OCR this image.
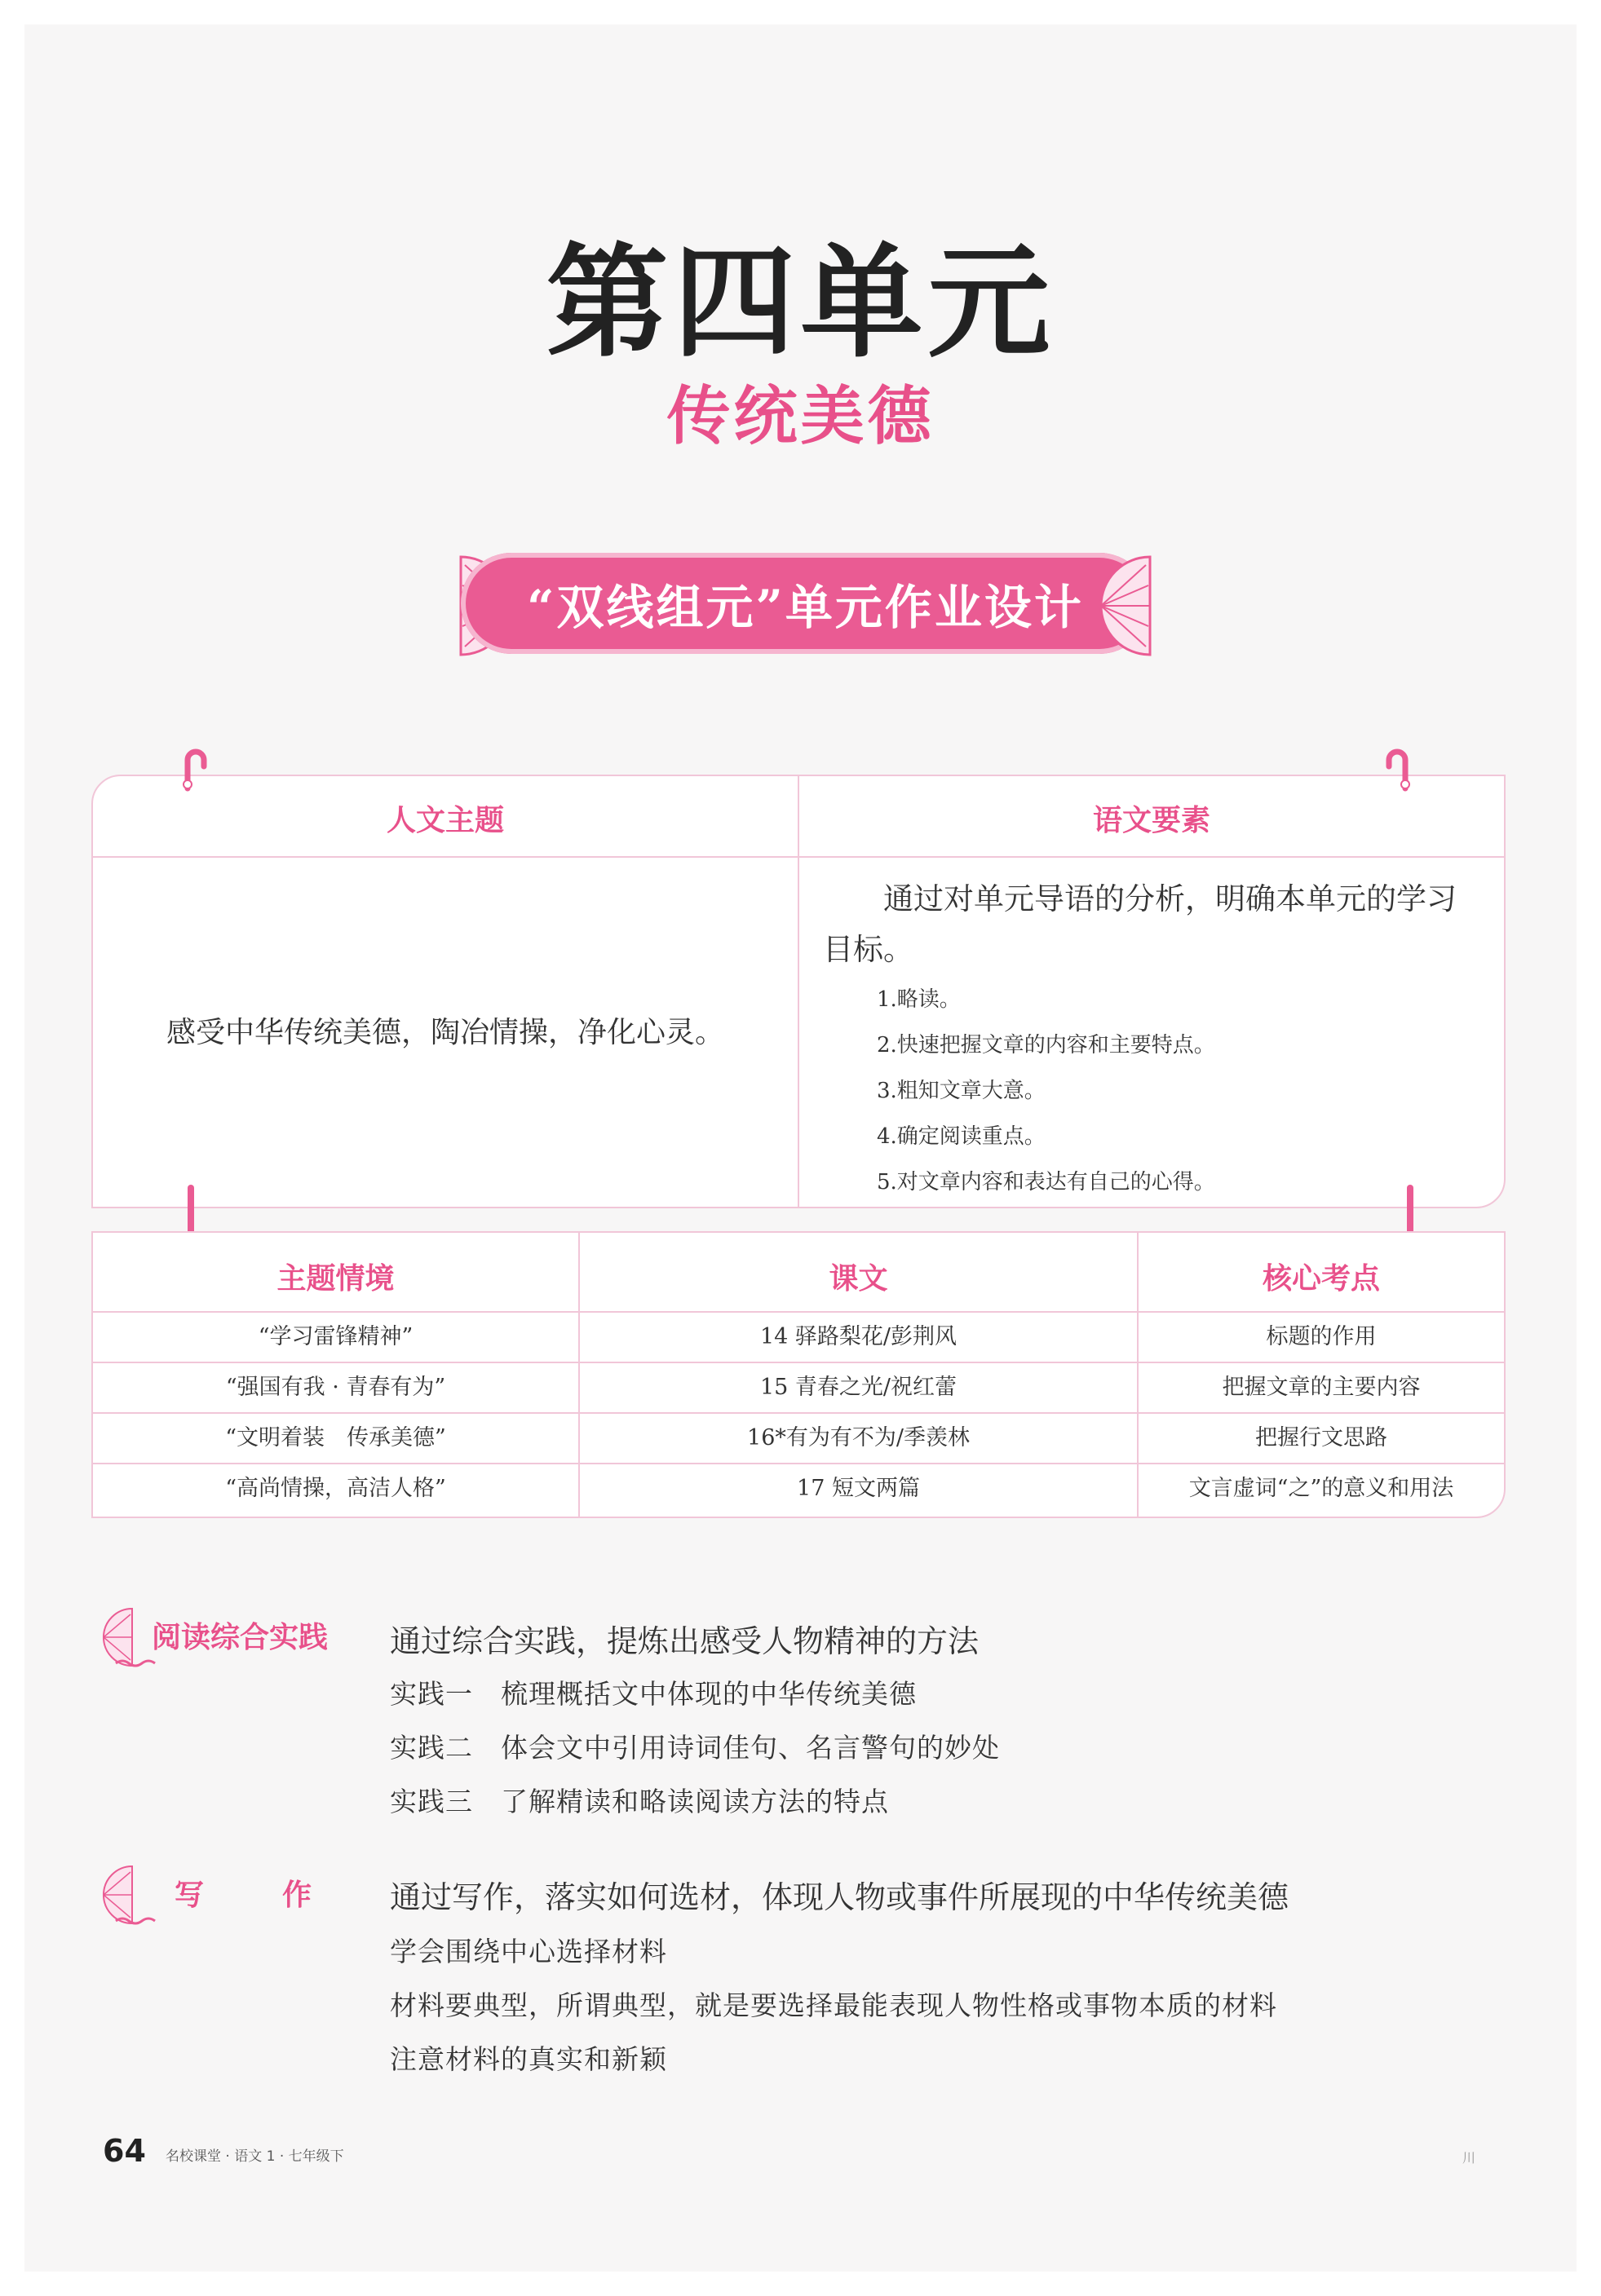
第四单元
传统美德
“双线组元”单元作业设计
人文主题	语文要素
感受中华传统美德，陶冶情操，净化心灵。
通过对单元导语的分析，明确本单元的学习目标。
1.略读。
2.快速把握文章的内容和主要特点。
3.粗知文章大意。
4.确定阅读重点。
5.对文章内容和表达有自己的心得。
主题情境	课文	核心考点
“学习雷锋精神”	14 驿路梨花/彭荆风	标题的作用
“强国有我 · 青春有为”	15 青春之光/祝红蕾	把握文章的主要内容
“文明着装　传承美德”	16*有为有不为/季羡林	把握行文思路
“高尚情操，高洁人格”	17 短文两篇	文言虚词“之”的意义和用法
阅读综合实践 通过综合实践，提炼出感受人物精神的方法
实践一　梳理概括文中体现的中华传统美德
实践二　体会文中引用诗词佳句、名言警句的妙处
实践三　了解精读和略读阅读方法的特点
写　　作 通过写作，落实如何选材，体现人物或事件所展现的中华传统美德
学会围绕中心选择材料
材料要典型，所谓典型，就是要选择最能表现人物性格或事物本质的材料
注意材料的真实和新颖
64 名校课堂 · 语文 1 · 七年级下	川
